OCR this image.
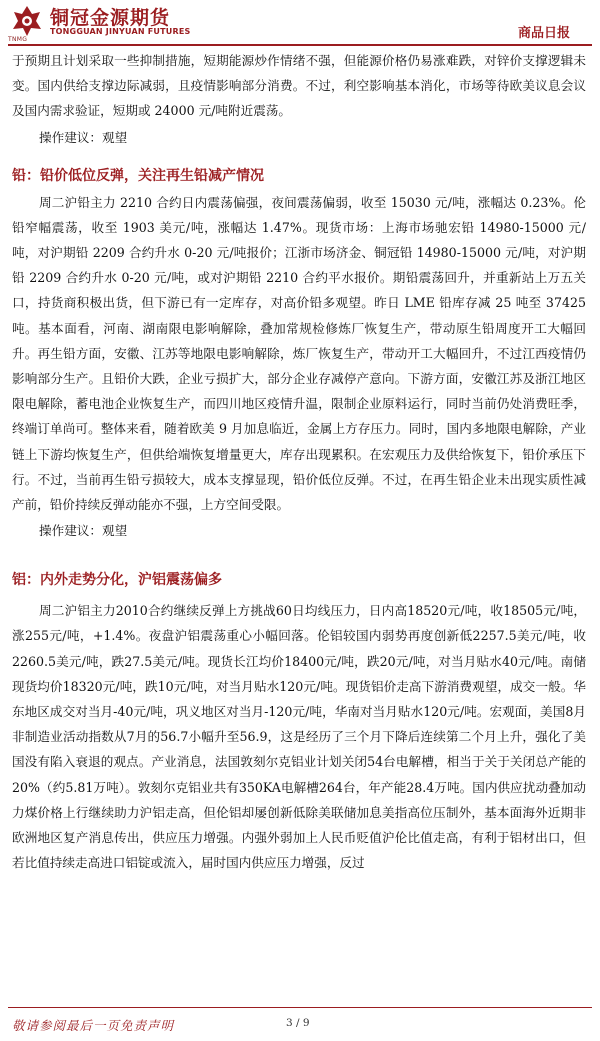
TNMG
铜冠金源期货
TONGGUAN JINYUAN FUTURES	商品日报

于预期且计划采取一些抑制措施，短期能源炒作情绪不强，但能源价格仍易涨难跌，对锌价支撑逻辑未变。国内供给支撑边际减弱，且疫情影响部分消费。不过，利空影响基本消化，市场等待欧美议息会议及国内需求验证，短期或 24000 元/吨附近震荡。

操作建议：观望

铅：铅价低位反弹，关注再生铅减产情况

周二沪铅主力 2210 合约日内震荡偏强，夜间震荡偏弱，收至 15030 元/吨，涨幅达 0.23%。伦铅窄幅震荡，收至 1903 美元/吨，涨幅达 1.47%。现货市场：上海市场驰宏铅 14980-15000 元/吨，对沪期铅 2209 合约升水 0-20 元/吨报价；江浙市场济金、铜冠铅 14980-15000 元/吨，对沪期铅 2209 合约升水 0-20 元/吨，或对沪期铅 2210 合约平水报价。期铅震荡回升，并重新站上万五关口，持货商积极出货，但下游已有一定库存，对高价铅多观望。昨日 LME 铅库存减 25 吨至 37425 吨。基本面看，河南、湖南限电影响解除，叠加常规检修炼厂恢复生产，带动原生铅周度开工大幅回升。再生铅方面，安徽、江苏等地限电影响解除，炼厂恢复生产，带动开工大幅回升，不过江西疫情仍影响部分生产。且铅价大跌，企业亏损扩大，部分企业存减停产意向。下游方面，安徽江苏及浙江地区限电解除，蓄电池企业恢复生产，而四川地区疫情升温，限制企业原料运行，同时当前仍处消费旺季，终端订单尚可。整体来看，随着欧美 9 月加息临近，金属上方存压力。同时，国内多地限电解除，产业链上下游均恢复生产，但供给端恢复增量更大，库存出现累积。在宏观压力及供给恢复下，铅价承压下行。不过，当前再生铅亏损较大，成本支撑显现，铅价低位反弹。不过，在再生铅企业未出现实质性减产前，铅价持续反弹动能亦不强，上方空间受限。

操作建议：观望

铝：内外走势分化，沪铝震荡偏多

周二沪铝主力2010合约继续反弹上方挑战60日均线压力，日内高18520元/吨，收18505元/吨，涨255元/吨，+1.4%。夜盘沪铝震荡重心小幅回落。伦铝较国内弱势再度创新低2257.5美元/吨，收2260.5美元/吨，跌27.5美元/吨。现货长江均价18400元/吨，跌20元/吨，对当月贴水40元/吨。南储现货均价18320元/吨，跌10元/吨，对当月贴水120元/吨。现货铝价走高下游消费观望，成交一般。华东地区成交对当月-40元/吨，巩义地区对当月-120元/吨，华南对当月贴水120元/吨。宏观面，美国8月非制造业活动指数从7月的56.7小幅升至56.9，这是经历了三个月下降后连续第二个月上升，强化了美国没有陷入衰退的观点。产业消息，法国敦刻尔克铝业计划关闭54台电解槽，相当于关于关闭总产能的20%（约5.81万吨）。敦刻尔克铝业共有350KA电解槽264台，年产能28.4万吨。国内供应扰动叠加动力煤价格上行继续助力沪铝走高，但伦铝却屡创新低除美联储加息美指高位压制外，基本面海外近期非欧洲地区复产消息传出，供应压力增强。内强外弱加上人民币贬值沪伦比值走高，有利于铝材出口，但若比值持续走高进口铝锭或流入，届时国内供应压力增强，反过

敬请参阅最后一页免责声明	3 / 9
